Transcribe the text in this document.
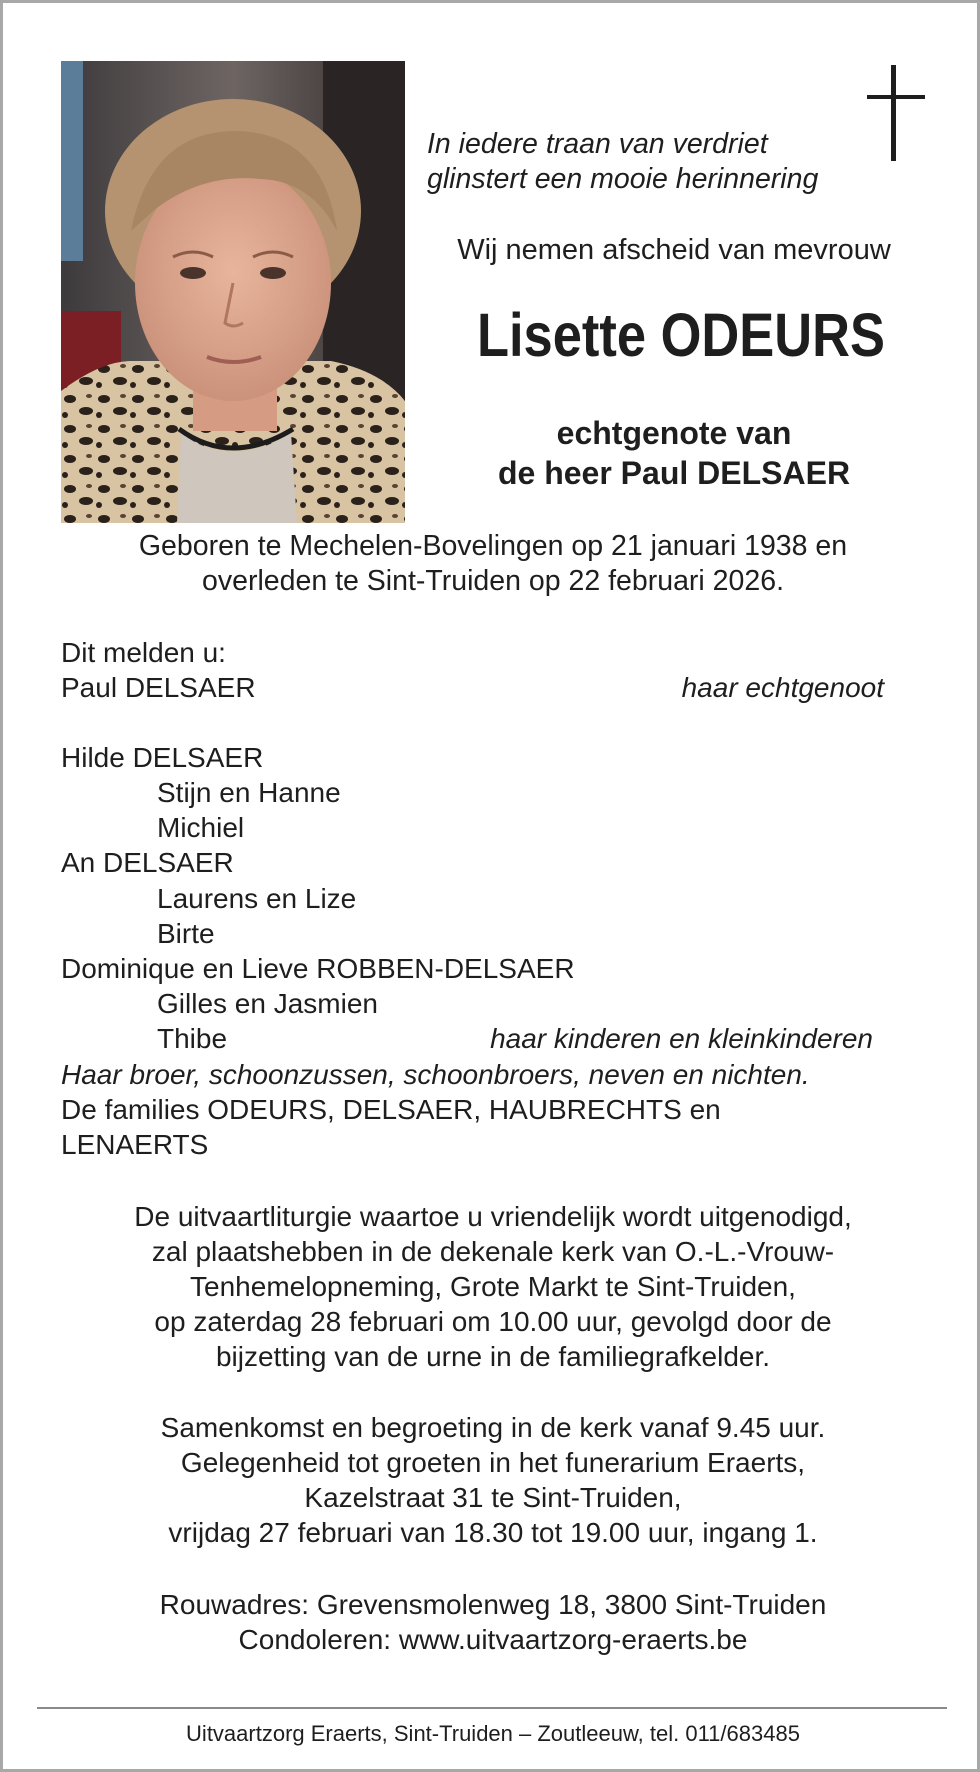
In iedere traan van verdriet
glinstert een mooie herinnering
Wij nemen afscheid van mevrouw
Lisette ODEURS
echtgenote van
de heer Paul DELSAER
Geboren te Mechelen-Bovelingen op 21 januari 1938 en
overleden te Sint-Truiden op 22 februari 2026.
Dit melden u:
Paul DELSAER	haar echtgenoot
Hilde DELSAER
Stijn en Hanne
Michiel
An DELSAER
Laurens en Lize
Birte
Dominique en Lieve ROBBEN-DELSAER
Gilles en Jasmien
Thibe	haar kinderen en kleinkinderen
Haar broer, schoonzussen, schoonbroers, neven en nichten.
De families ODEURS, DELSAER, HAUBRECHTS en
LENAERTS
De uitvaartliturgie waartoe u vriendelijk wordt uitgenodigd,
zal plaatshebben in de dekenale kerk van O.-L.-Vrouw-
Tenhemelopneming, Grote Markt te Sint-Truiden,
op zaterdag 28 februari om 10.00 uur, gevolgd door de
bijzetting van de urne in de familiegrafkelder.
Samenkomst en begroeting in de kerk vanaf 9.45 uur.
Gelegenheid tot groeten in het funerarium Eraerts,
Kazelstraat 31 te Sint-Truiden,
vrijdag 27 februari van 18.30 tot 19.00 uur, ingang 1.
Rouwadres: Grevensmolenweg 18, 3800 Sint-Truiden
Condoleren: www.uitvaartzorg-eraerts.be
Uitvaartzorg Eraerts, Sint-Truiden – Zoutleeuw, tel. 011/683485
